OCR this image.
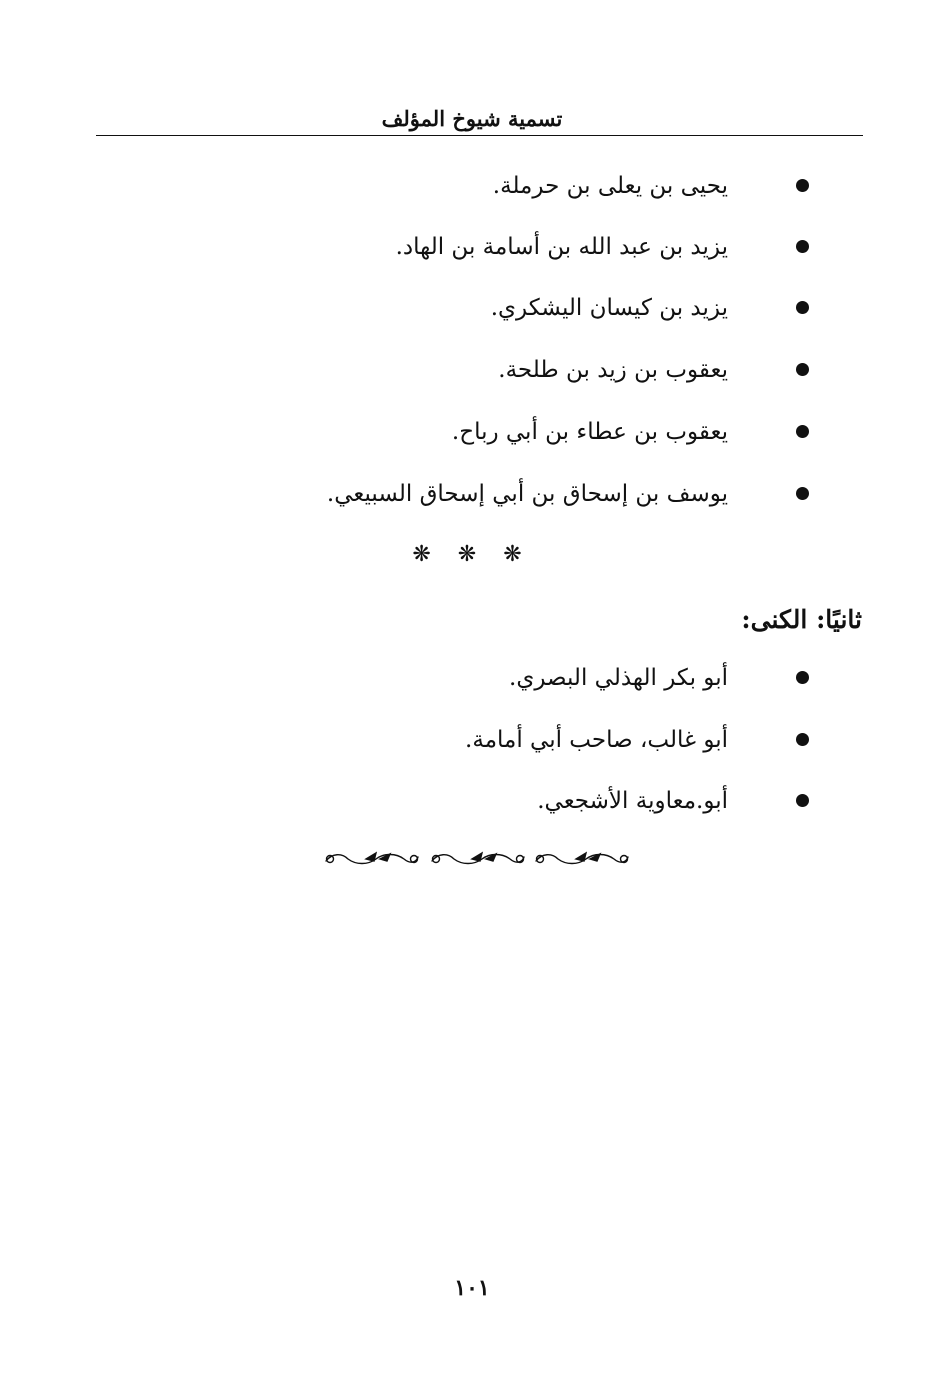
تسمية شيوخ المؤلف
يحيى بن يعلى بن حرملة.
يزيد بن عبد الله بن أسامة بن الهاد.
يزيد بن كيسان اليشكري.
يعقوب بن زيد بن طلحة.
يعقوب بن عطاء بن أبي رباح.
يوسف بن إسحاق بن أبي إسحاق السبيعي.
❋ ❋ ❋
ثانيًا: الكنى:
أبو بكر الهذلي البصري.
أبو غالب، صاحب أبي أمامة.
أبو.معاوية الأشجعي.
١٠١
